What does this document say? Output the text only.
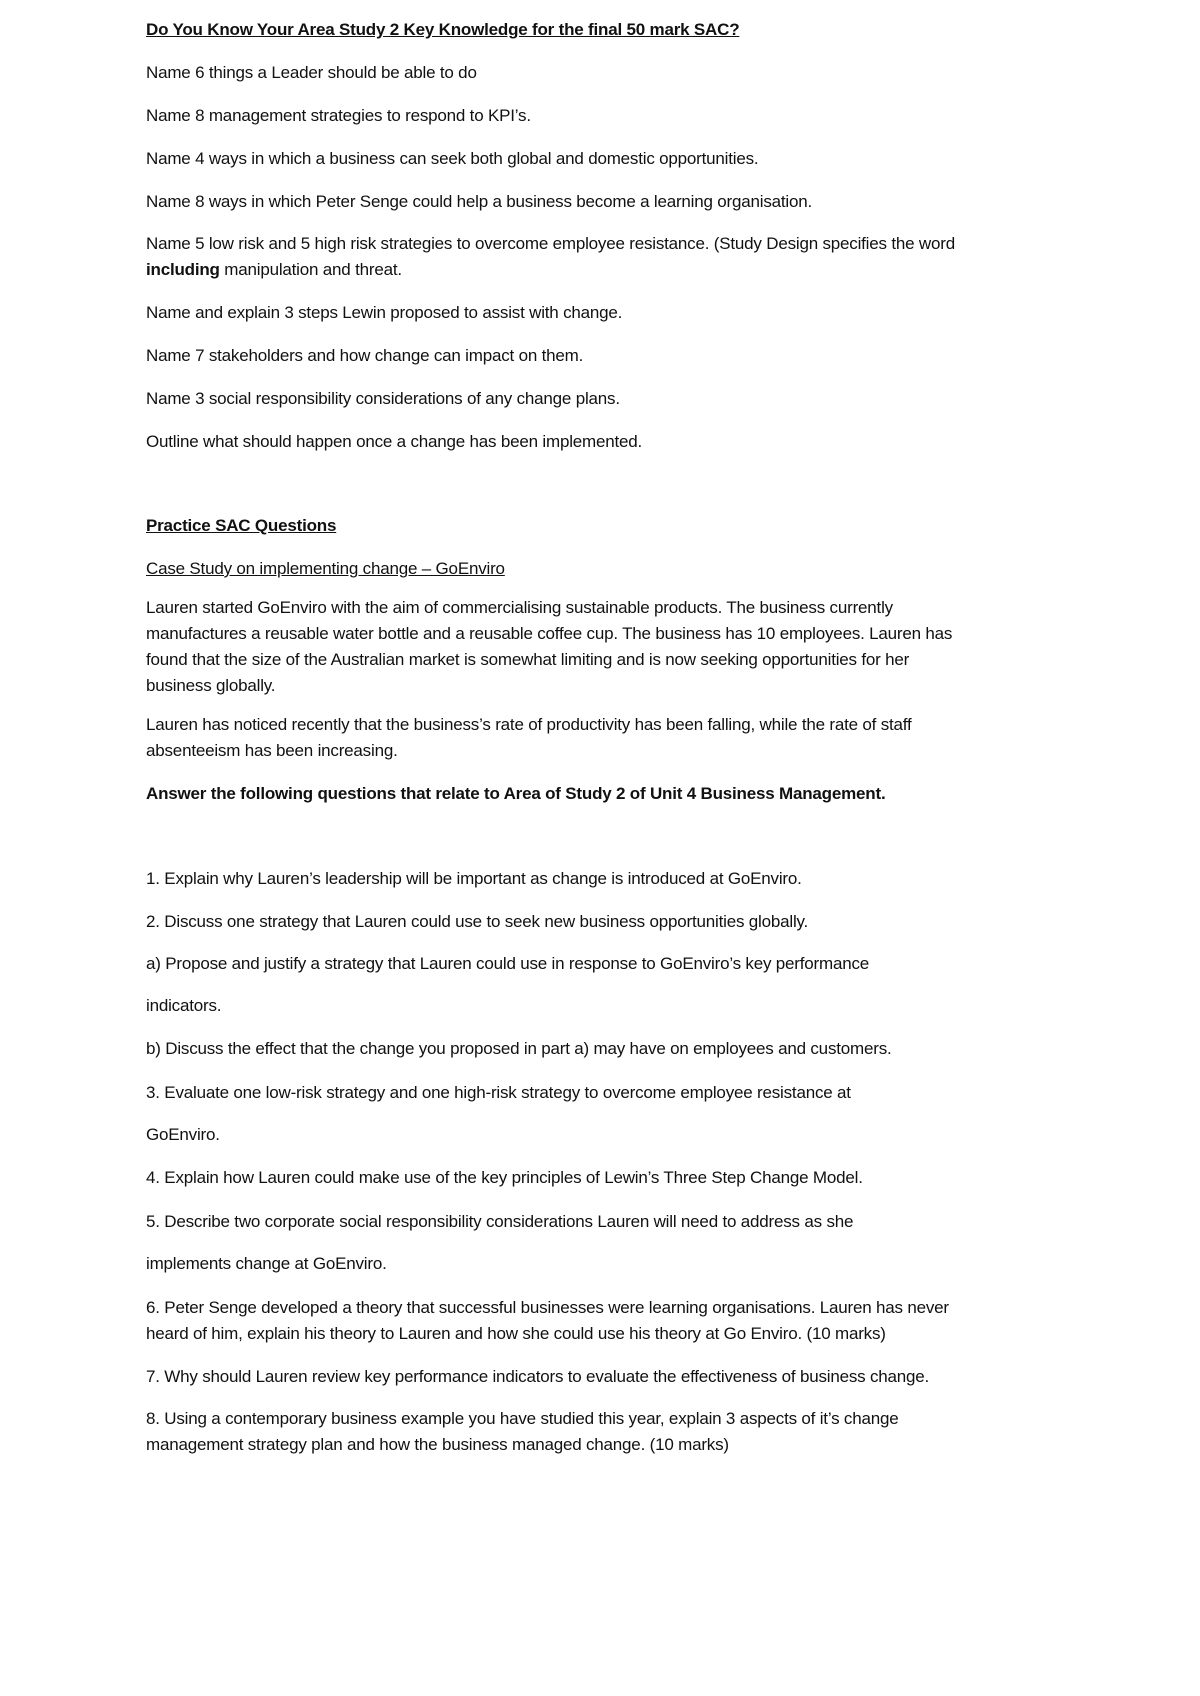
Do You Know Your Area Study 2 Key Knowledge for the final 50 mark SAC?

Name 6 things a Leader should be able to do

Name 8 management strategies to respond to KPI’s.

Name 4 ways in which a business can seek both global and domestic opportunities.

Name 8 ways in which Peter Senge could help a business become a learning organisation.

Name 5 low risk and 5 high risk strategies to overcome employee resistance. (Study Design specifies the word
including manipulation and threat.

Name and explain 3 steps Lewin proposed to assist with change.

Name 7 stakeholders and how change can impact on them.

Name 3 social responsibility considerations of any change plans.

Outline what should happen once a change has been implemented.

Practice SAC Questions

Case Study on implementing change – GoEnviro

Lauren started GoEnviro with the aim of commercialising sustainable products. The business currently
manufactures a reusable water bottle and a reusable coffee cup. The business has 10 employees. Lauren has
found that the size of the Australian market is somewhat limiting and is now seeking opportunities for her
business globally.

Lauren has noticed recently that the business’s rate of productivity has been falling, while the rate of staff
absenteeism has been increasing.

Answer the following questions that relate to Area of Study 2 of Unit 4 Business Management.

1. Explain why Lauren’s leadership will be important as change is introduced at GoEnviro.

2. Discuss one strategy that Lauren could use to seek new business opportunities globally.

a) Propose and justify a strategy that Lauren could use in response to GoEnviro’s key performance
indicators.

b) Discuss the effect that the change you proposed in part a) may have on employees and customers.

3. Evaluate one low-risk strategy and one high-risk strategy to overcome employee resistance at
GoEnviro.

4. Explain how Lauren could make use of the key principles of Lewin’s Three Step Change Model.

5. Describe two corporate social responsibility considerations Lauren will need to address as she
implements change at GoEnviro.

6. Peter Senge developed a theory that successful businesses were learning organisations. Lauren has never
heard of him, explain his theory to Lauren and how she could use his theory at Go Enviro. (10 marks)

7. Why should Lauren review key performance indicators to evaluate the effectiveness of business change.

8. Using a contemporary business example you have studied this year, explain 3 aspects of it’s change
management strategy plan and how the business managed change. (10 marks)
